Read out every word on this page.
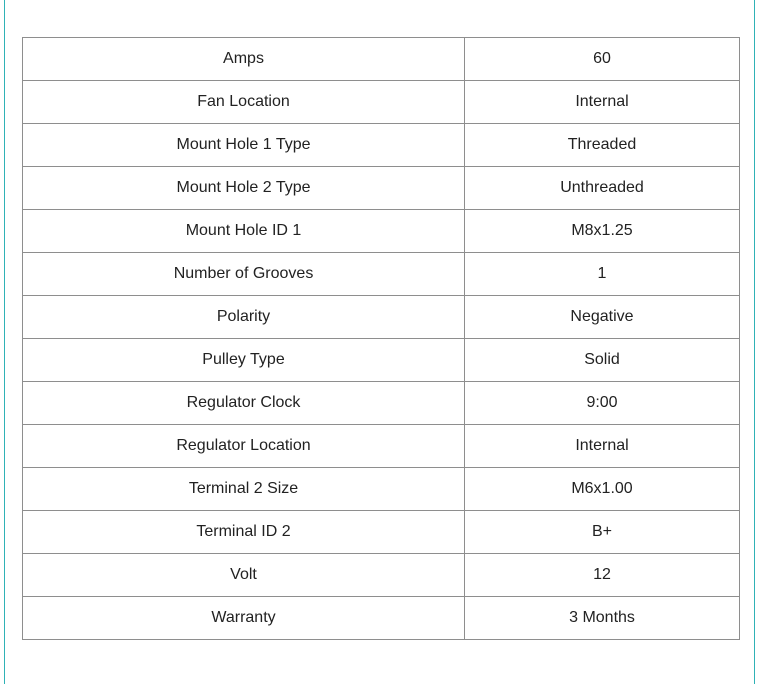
Amps	60
Fan Location	Internal
Mount Hole 1 Type	Threaded
Mount Hole 2 Type	Unthreaded
Mount Hole ID 1	M8x1.25
Number of Grooves	1
Polarity	Negative
Pulley Type	Solid
Regulator Clock	9:00
Regulator Location	Internal
Terminal 2 Size	M6x1.00
Terminal ID 2	B+
Volt	12
Warranty	3 Months
